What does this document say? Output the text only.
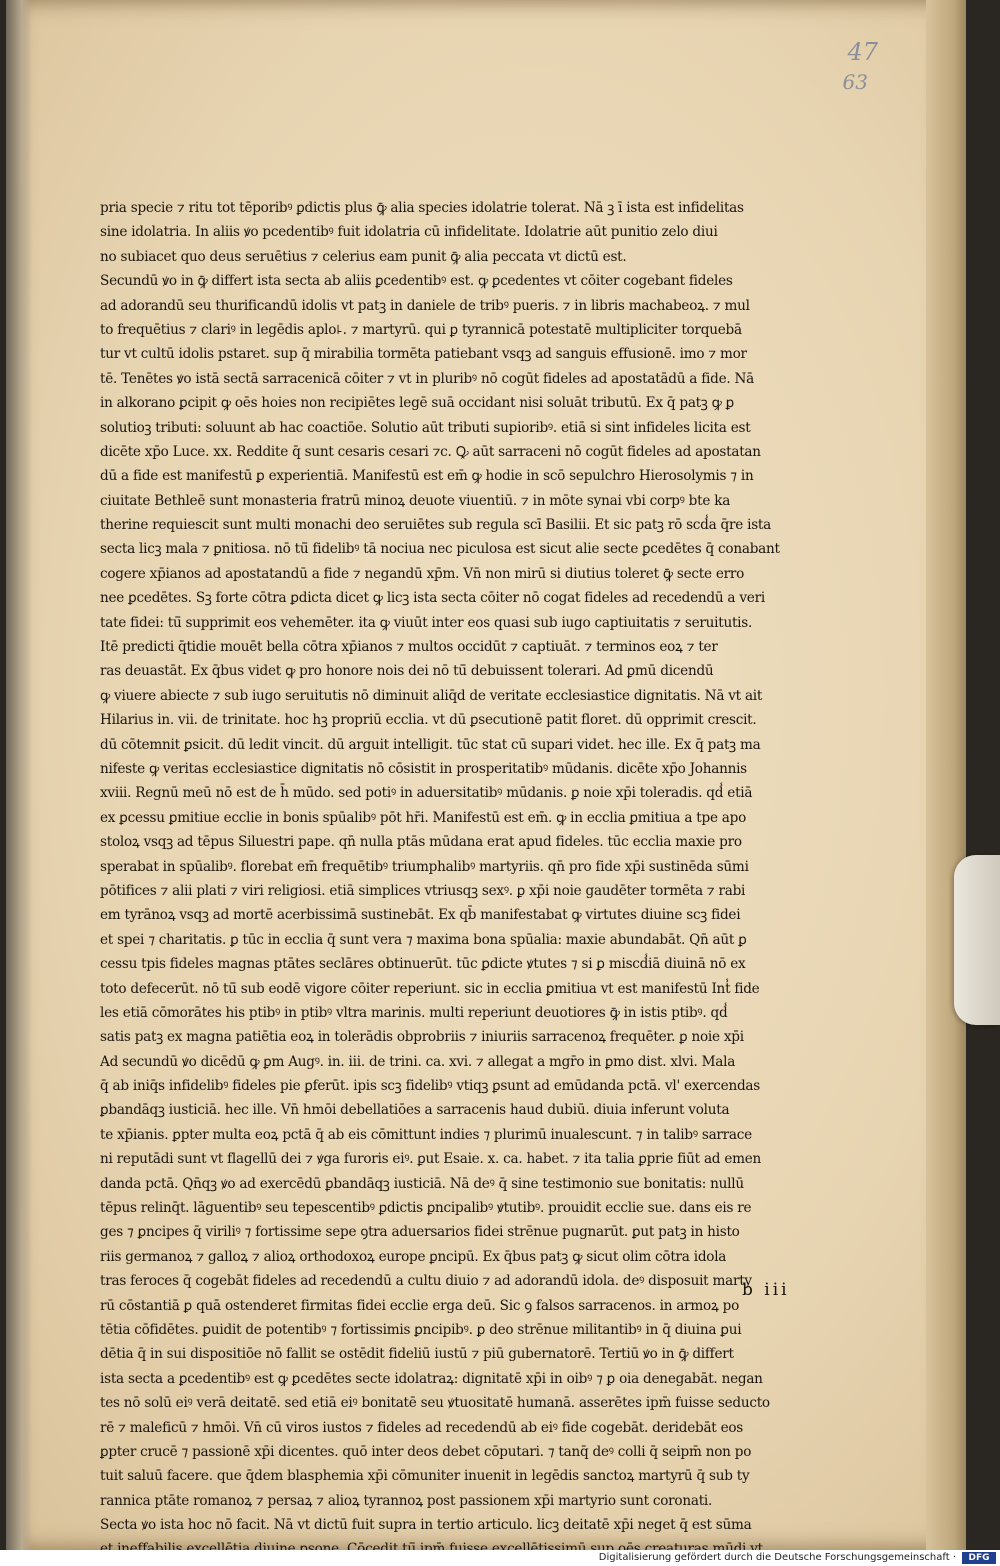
47
63
pria specie ⁊ ritu tot tēporibꝰ ꝑdictis plus ꝙ̄ alia species idolatrie tolerat. Nā ꝫ ī ista est infidelitas
sine idolatria. In aliis ꝟo pcedentibꝰ fuit idolatria cū infidelitate. Idolatrie aūt punitio zelo diui
no subiacet quo deus seruētius ⁊ celerius eam punit ꝙ̄ alia peccata vt dictū est.
Secundū ꝟo in ꝙ̄ differt ista secta ab aliis ꝑcedentibꝰ est. ꝙ ꝑcedentes vt cōiter cogebant fideles
ad adorandū seu thurificandū idolis vt patꝫ in daniele de tribꝰ pueris. ⁊ in libris machabeoꝝ. ⁊ mul
to frequētius ⁊ clariꝰ in legēdis aplo꜕. ⁊ martyrū. qui ꝑ tyrannicā potestatē multipliciter torquebā
tur vt cultū idolis pstaret. sup q̄ mirabilia tormēta patiebant vsqꝫ ad sanguis effusionē. imo ⁊ mor
tē. Tenētes ꝟo istā sectā sarracenicā cōiter ⁊ vt in pluribꝰ nō cogūt fideles ad apostatādū a fide. Nā
in alkorano ꝑcipit ꝙ oēs hoies non recipiētes legē suā occidant nisi soluāt tributū. Ex q̄ patꝫ ꝙ ꝑ
solutioꝫ tributi: soluunt ab hac coactiōe. Solutio aūt tributi supioribꝰ. etiā si sint infideles licita est
dicēte xp̄o Luce. xx. Reddite q̄ sunt cesaris cesari ⁊c. Ꝙ aūt sarraceni nō cogūt fideles ad apostatan
dū a fide est manifestū ꝑ experientiā. Manifestū est em̄ ꝙ hodie in scō sepulchro Hierosolymis ⁊ in
ciuitate Bethleē sunt monasteria fratrū minoꝝ deuote viuentiū. ⁊ in mōte synai vbi corpꝰ bte ka
therine requiescit sunt multi monachi deo seruiētes sub regula scī Basilii. Et sic patꝫ rō scd̾a q̄re ista
secta licꝫ mala ⁊ ꝑnitiosa. nō tū̄ fidelibꝰ tā nociua nec piculosa est sicut alie secte ꝑcedētes q̄ conabant
cogere xp̄ianos ad apostatandū a fide ⁊ negandū xp̄m. Vn̄ non mirū si diutius toleret ꝙ̄ secte erro
nee ꝑcedētes. Sꝫ forte cōtra ꝑdicta dicet ꝙ licꝫ ista secta cōiter nō cogat fideles ad recedendū a veri
tate fidei: tū̄ supprimit eos vehemēter. ita ꝙ viuūt inter eos quasi sub iugo captiuitatis ⁊ seruitutis.
Itē predicti q̄tidie mouēt bella cōtra xp̄ianos ⁊ multos occidūt ⁊ captiuāt. ⁊ terminos eoꝝ ⁊ ter
ras deuastāt. Ex q̄bus videt ꝙ pro honore nois dei nō tū̄ debuissent tolerari. Ad ꝑmū dicendū
ꝙ viuere abiecte ⁊ sub iugo seruitutis nō diminuit aliq̄d de veritate ecclesiastice dignitatis. Nā vt ait
Hilarius in. vii. de trinitate. hoc hꝫ propriū ecclia. vt dū ꝑsecutionē patit floret. dū opprimit crescit.
dū cōtemnit ꝑsicit. dū ledit vincit. dū arguit intelligit. tūc stat cū supari videt. hec ille. Ex q̄ patꝫ ma
nifeste ꝙ veritas ecclesiastice dignitatis nō cōsistit in prosperitatibꝰ mūdanis. dicēte xp̄o Johannis
xviii. Regnū meū nō est de h̄ mūdo. sed potiꝰ in aduersitatibꝰ mūdanis. ꝑ noie xp̄i toleradis. qd̾ etiā
ex ꝑcessu ꝑmitiue ecclie in bonis spūalibꝰ pōt hr̄i. Manifestū est em̄. ꝙ in ecclia ꝑmitiua a tpe apo
stoloꝝ vsqꝫ ad tēpus Siluestri pape. qn̄ nulla ptās mūdana erat apud fideles. tūc ecclia maxie pro
sperabat in spūalibꝰ. florebat em̄ frequētibꝰ triumphalibꝰ martyriis. qn̄ pro fide xp̄i sustinēda sūmi
pōtifices ⁊ alii plati ⁊ viri religiosi. etiā simplices vtriusqꝫ sexꝰ. ꝑ xp̄i noie gaudēter tormēta ⁊ rabi
em tyrānoꝝ vsqꝫ ad mortē acerbissimā sustinebāt. Ex qb̄ manifestabat ꝙ virtutes diuine scꝫ fidei
et spei ⁊ charitatis. ꝑ tūc in ecclia q̄ sunt vera ⁊ maxima bona spūalia: maxie abundabāt. Qn̄ aūt ꝑ
cessu tpis fideles magnas ptātes seclāres obtinuerūt. tūc ꝑdicte ꝟtutes ⁊ si ꝑ miscd̾iā diuinā nō ex
toto defecerūt. nō tū̄ sub eodē vigore cōiter reperiunt. sic in ecclia ꝑmitiua vt est manifestū Int̾ fide
les etiā cōmorātes his ptibꝰ in ptibꝰ vltra marinis. multi reperiunt deuotiores ꝙ̄ in istis ptibꝰ. qd̾
satis patꝫ ex magna patiētia eoꝝ in tolerādis obprobriis ⁊ iniuriis sarracenoꝝ frequēter. ꝑ noie xp̄i
Ad secundū ꝟo dicēdū ꝙ ꝑm Augꝰ. in. iii. de trini. ca. xvi. ⁊ allegat a mgr̄o in ꝑmo dist. xlvi. Mala
q̄ ab iniq̄s infidelibꝰ fideles pie ꝑferūt. ipis scꝫ fidelibꝰ vtiqꝫ ꝑsunt ad emūdanda pctā. vl' exercendas
ꝑbandāqꝫ iusticiā. hec ille. Vn̄ hmōi debellatiōes a sarracenis haud dubiū. diuia inferunt voluta
te xp̄ianis. ꝑpter multa eoꝝ pctā q̄ ab eis cōmittunt indies ⁊ plurimū inualescunt. ⁊ in talibꝰ sarrace
ni reputādi sunt vt flagellū dei ⁊ ꝟga furoris eiꝰ. ꝑut Esaie. x. ca. habet. ⁊ ita talia ꝑprie fiūt ad emen
danda pctā. Qn̄qꝫ ꝟo ad exercēdū ꝑbandāqꝫ iusticiā. Nā deꝰ q̄ sine testimonio sue bonitatis: nullū
tēpus relinq̄t. lāguentibꝰ seu tepescentibꝰ ꝑdictis ꝑncipalibꝰ ꝟtutibꝰ. prouidit ecclie sue. dans eis re
ges ⁊ ꝑncipes q̄ viriliꝰ ⁊ fortissime sepe ꝯtra aduersarios fidei strēnue pugnarūt. ꝑut patꝫ in histo
riis germanoꝝ ⁊ galloꝝ ⁊ alioꝝ orthodoxoꝝ europe ꝑncipū. Ex q̄bus patꝫ ꝙ sicut olim cōtra idola
tras feroces q̄ cogebāt fideles ad recedendū a cultu diuio ⁊ ad adorandū idola. deꝰ disposuit marty
rū cōstantiā ꝑ quā ostenderet firmitas fidei ecclie erga deū. Sic ꝯ falsos sarracenos. in armoꝝ po
tētia cōfidētes. ꝑuidit de potentibꝰ ⁊ fortissimis ꝑncipibꝰ. ꝑ deo strēnue militantibꝰ in q̄ diuina ꝑui
dētia q̄ in sui dispositiōe nō fallit se ostēdit fideliū iustū ⁊ piū gubernatorē. Tertiū ꝟo in ꝙ̄ differt
ista secta a ꝑcedentibꝰ est ꝙ ꝑcedētes secte idolatraꝝ: dignitatē xp̄i in oibꝰ ⁊ ꝑ oia denegabāt. negan
tes nō solū eiꝰ verā deitatē. sed etiā eiꝰ bonitatē seu ꝟtuositatē humanā. asserētes ipm̄ fuisse seducto
rē ⁊ maleficū ⁊ hmōi. Vn̄ cū viros iustos ⁊ fideles ad recedendū ab eiꝰ fide cogebāt. deridebāt eos
ꝑpter crucē ⁊ passionē xp̄i dicentes. quō inter deos debet cōputari. ⁊ tanq̄ deꝰ colli q̄ seipm̄ non po
tuit saluū facere. que q̄dem blasphemia xp̄i cōmuniter inuenit in legēdis sanctoꝝ martyrū q̄ sub ty
rannica ptāte romanoꝝ ⁊ persaꝝ ⁊ alioꝝ tyrannoꝝ post passionem xp̄i martyrio sunt coronati.
Secta ꝟo ista hoc nō facit. Nā vt dictū fuit supra in tertio articulo. licꝫ deitatē xp̄i neget q̄ est sūma
b iii
Digitalisierung gefördert durch die Deutsche Forschungsgemeinschaft ·	DFG
